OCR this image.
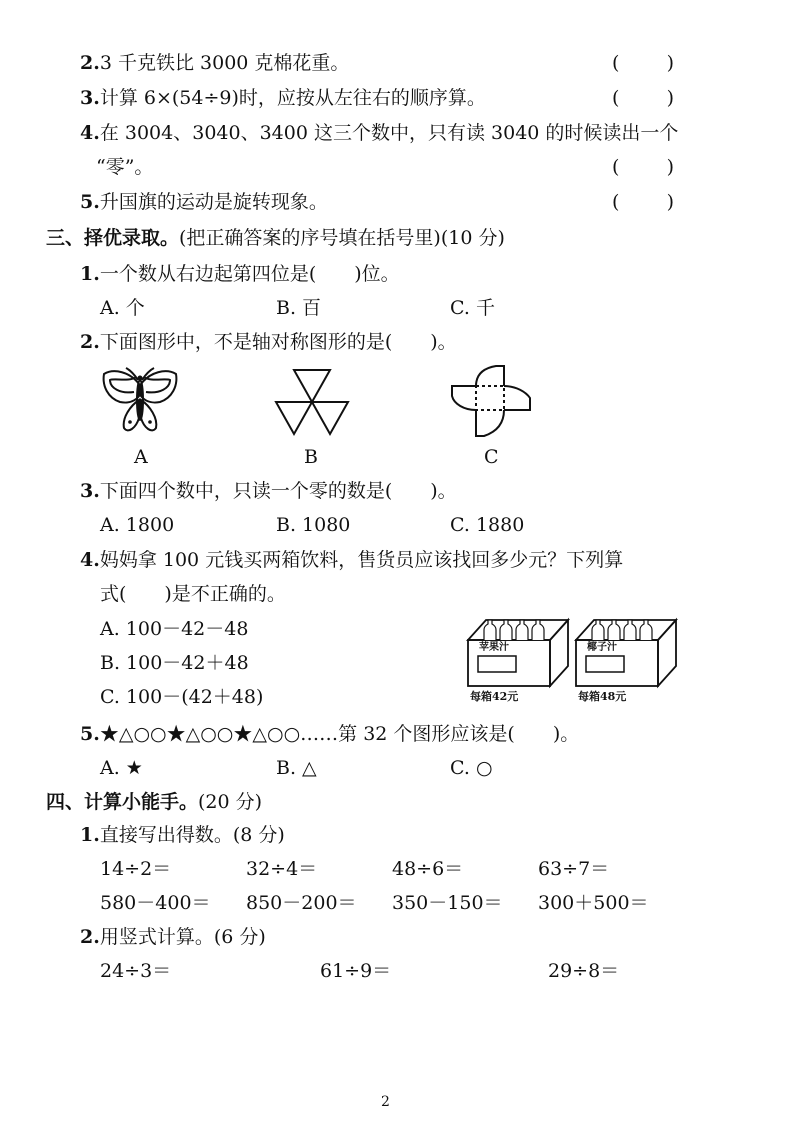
2.3 千克铁比 3000 克棉花重。	( )
3.计算 6×(54÷9)时，应按从左往右的顺序算。	( )
4.在 3004、3040、3400 这三个数中，只有读 3040 的时候读出一个
“零”。	( )
5.升国旗的运动是旋转现象。	( )
三、择优录取。(把正确答案的序号填在括号里)(10 分)
1.一个数从右边起第四位是(　　)位。
A. 个	B. 百	C. 千
2.下面图形中，不是轴对称图形的是(　　)。
A	B	C
3.下面四个数中，只读一个零的数是(　　)。
A. 1800	B. 1080	C. 1880
4.妈妈拿 100 元钱买两箱饮料，售货员应该找回多少元？下列算
式(　　)是不正确的。
A. 100－42－48
B. 100－42＋48
C. 100－(42＋48)
苹果汁
每箱42元
椰子汁
每箱48元
5.★△○○★△○○★△○○……第 32 个图形应该是(　　)。
A. ★	B. △	C. ○
四、计算小能手。(20 分)
1.直接写出得数。(8 分)
14÷2＝	32÷4＝	48÷6＝	63÷7＝
580－400＝ 850－200＝ 350－150＝ 300＋500＝
2.用竖式计算。(6 分)
24÷3＝	61÷9＝	29÷8＝
2
